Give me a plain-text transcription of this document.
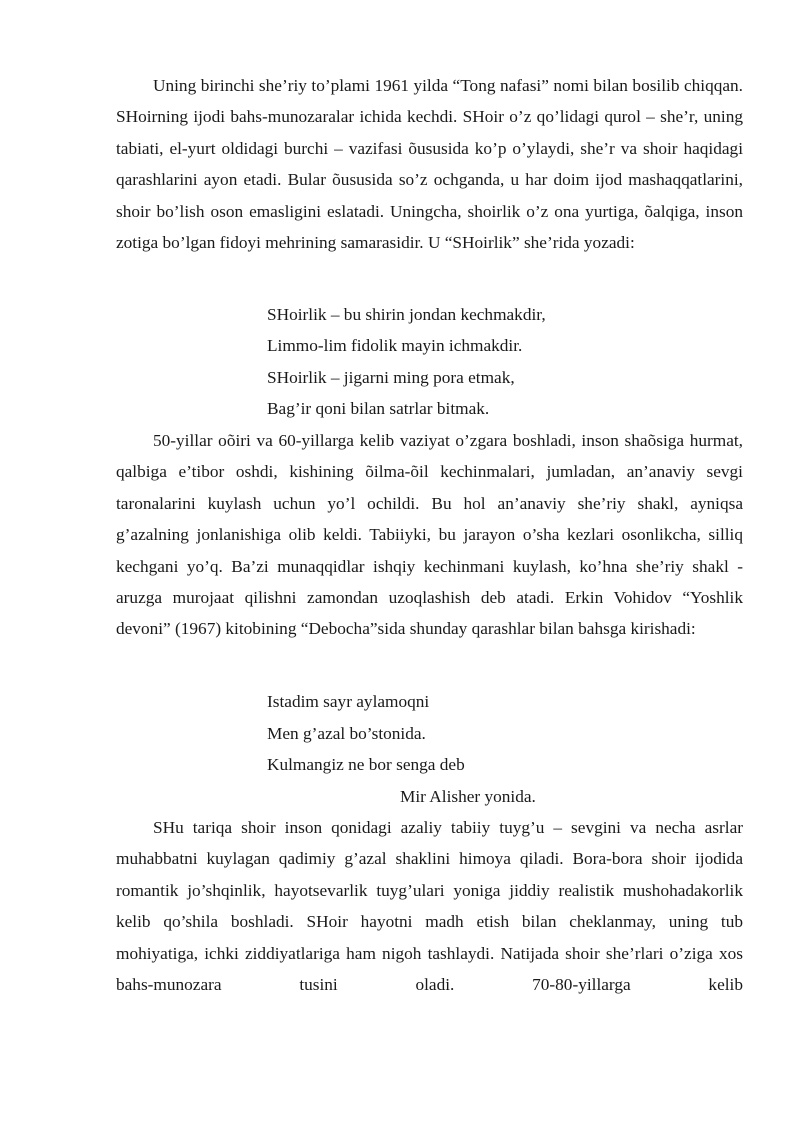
Uning birinchi she’riy to’plami 1961 yilda “Tong nafasi” nomi bilan bosilib chiqqan. SHoirning ijodi bahs-munozaralar ichida kechdi. SHoir o’z qo’lidagi qurol – she’r, uning tabiati, el-yurt oldidagi burchi – vazifasi õususida ko’p o’ylaydi, she’r va shoir haqidagi qarashlarini ayon etadi. Bular õususida so’z ochganda, u har doim ijod mashaqqatlarini, shoir bo’lish oson emasligini eslatadi. Uningcha, shoirlik o’z ona yurtiga, õalqiga, inson zotiga bo’lgan fidoyi mehrining samarasidir. U “SHoirlik” she’rida yozadi:

SHoirlik – bu shirin jondan kechmakdir,

Limmo-lim fidolik mayin ichmakdir.

SHoirlik – jigarni ming pora etmak,

Bag’ir qoni bilan satrlar bitmak.

50-yillar oõiri va 60-yillarga kelib vaziyat o’zgara boshladi, inson shaõsiga hurmat, qalbiga e’tibor oshdi, kishining õilma-õil kechinmalari, jumladan, an’anaviy sevgi taronalarini kuylash uchun yo’l ochildi. Bu hol an’anaviy she’riy shakl, ayniqsa g’azalning jonlanishiga olib keldi. Tabiiyki, bu jarayon o’sha kezlari osonlikcha, silliq kechgani yo’q. Ba’zi munaqqidlar ishqiy kechinmani kuylash, ko’hna she’riy shakl - aruzga murojaat qilishni zamondan uzoqlashish deb atadi. Erkin Vohidov “Yoshlik devoni” (1967) kitobining “Debocha”sida shunday qarashlar bilan bahsga kirishadi:

Istadim sayr aylamoqni

Men g’azal bo’stonida.

Kulmangiz ne bor senga deb

Mir Alisher yonida.

SHu tariqa shoir inson qonidagi azaliy tabiiy tuyg’u – sevgini va necha asrlar muhabbatni kuylagan qadimiy g’azal shaklini himoya qiladi. Bora-bora shoir ijodida romantik jo’shqinlik, hayotsevarlik tuyg’ulari yoniga jiddiy realistik mushohadakorlik kelib qo’shila boshladi. SHoir hayotni madh etish bilan cheklanmay, uning tub mohiyatiga, ichki ziddiyatlariga ham nigoh tashlaydi. Natijada shoir she’rlari o’ziga xos bahs-munozara tusini oladi. 70-80-yillarga kelib
